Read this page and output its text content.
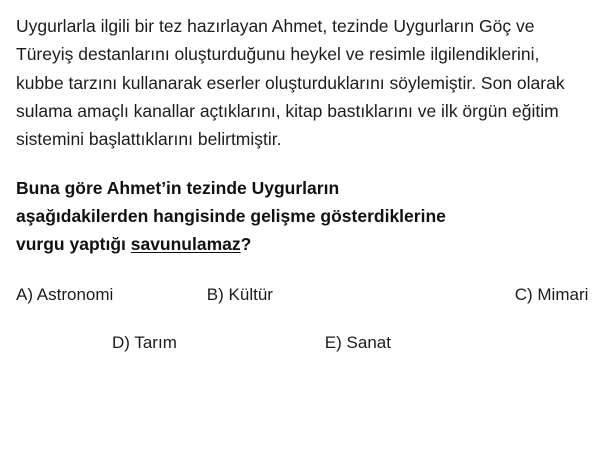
Uygurlarla ilgili bir tez hazırlayan Ahmet, tezinde Uygurların Göç ve Türeyiş destanlarını oluşturduğunu heykel ve resimle ilgilendiklerini, kubbe tarzını kullanarak eserler oluşturduklarını söylemiştir. Son olarak sulama amaçlı kanallar açtıklarını, kitap bastıklarını ve ilk örgün eğitim sistemini başlattıklarını belirtmiştir.

Buna göre Ahmet’in tezinde Uygurların
aşağıdakilerden hangisinde gelişme gösterdiklerine
vurgu yaptığı savunulamaz?
A) Astronomi	B) Kültür	C) Mimari
D) Tarım	E) Sanat
